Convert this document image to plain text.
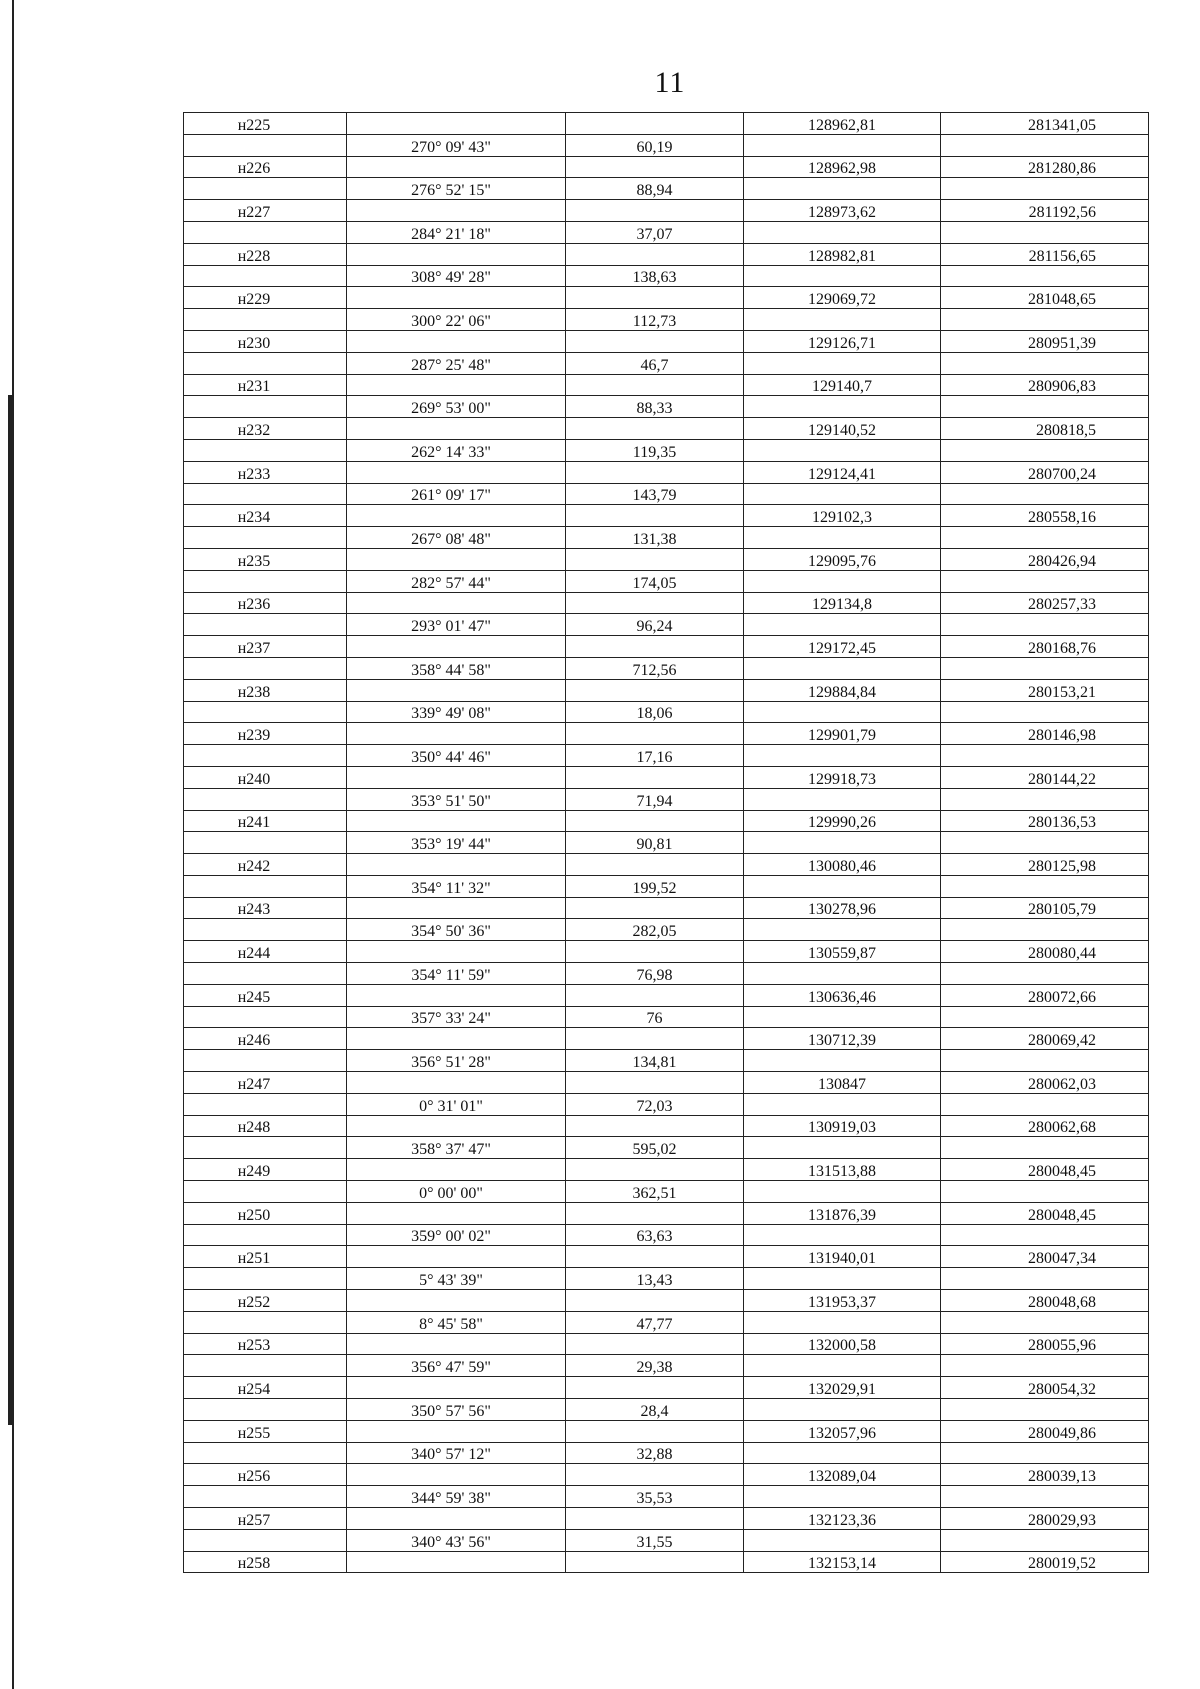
11
н225			128962,81	281341,05
	270° 09' 43"	60,19		
н226			128962,98	281280,86
	276° 52' 15"	88,94		
н227			128973,62	281192,56
	284° 21' 18"	37,07		
н228			128982,81	281156,65
	308° 49' 28"	138,63		
н229			129069,72	281048,65
	300° 22' 06"	112,73		
н230			129126,71	280951,39
	287° 25' 48"	46,7		
н231			129140,7	280906,83
	269° 53' 00"	88,33		
н232			129140,52	280818,5
	262° 14' 33"	119,35		
н233			129124,41	280700,24
	261° 09' 17"	143,79		
н234			129102,3	280558,16
	267° 08' 48"	131,38		
н235			129095,76	280426,94
	282° 57' 44"	174,05		
н236			129134,8	280257,33
	293° 01' 47"	96,24		
н237			129172,45	280168,76
	358° 44' 58"	712,56		
н238			129884,84	280153,21
	339° 49' 08"	18,06		
н239			129901,79	280146,98
	350° 44' 46"	17,16		
н240			129918,73	280144,22
	353° 51' 50"	71,94		
н241			129990,26	280136,53
	353° 19' 44"	90,81		
н242			130080,46	280125,98
	354° 11' 32"	199,52		
н243			130278,96	280105,79
	354° 50' 36"	282,05		
н244			130559,87	280080,44
	354° 11' 59"	76,98		
н245			130636,46	280072,66
	357° 33' 24"	76		
н246			130712,39	280069,42
	356° 51' 28"	134,81		
н247			130847	280062,03
	0° 31' 01"	72,03		
н248			130919,03	280062,68
	358° 37' 47"	595,02		
н249			131513,88	280048,45
	0° 00' 00"	362,51		
н250			131876,39	280048,45
	359° 00' 02"	63,63		
н251			131940,01	280047,34
	5° 43' 39"	13,43		
н252			131953,37	280048,68
	8° 45' 58"	47,77		
н253			132000,58	280055,96
	356° 47' 59"	29,38		
н254			132029,91	280054,32
	350° 57' 56"	28,4		
н255			132057,96	280049,86
	340° 57' 12"	32,88		
н256			132089,04	280039,13
	344° 59' 38"	35,53		
н257			132123,36	280029,93
	340° 43' 56"	31,55		
н258			132153,14	280019,52
